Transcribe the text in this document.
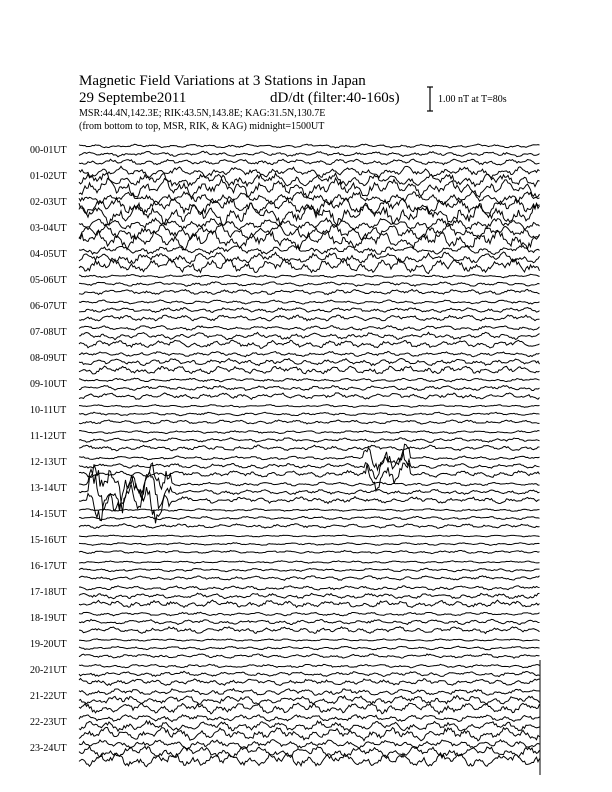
Magnetic Field Variations at 3 Stations in Japan
29 Septembe2011	dD/dt (filter:40-160s)
MSR:44.4N,142.3E; RIK:43.5N,143.8E; KAG:31.5N,130.7E
(from bottom to top, MSR, RIK, & KAG) midnight=1500UT
1.00 nT at T=80s
00-01UT
01-02UT
02-03UT
03-04UT
04-05UT
05-06UT
06-07UT
07-08UT
08-09UT
09-10UT
10-11UT
11-12UT
12-13UT
13-14UT
14-15UT
15-16UT
16-17UT
17-18UT
18-19UT
19-20UT
20-21UT
21-22UT
22-23UT
23-24UT
